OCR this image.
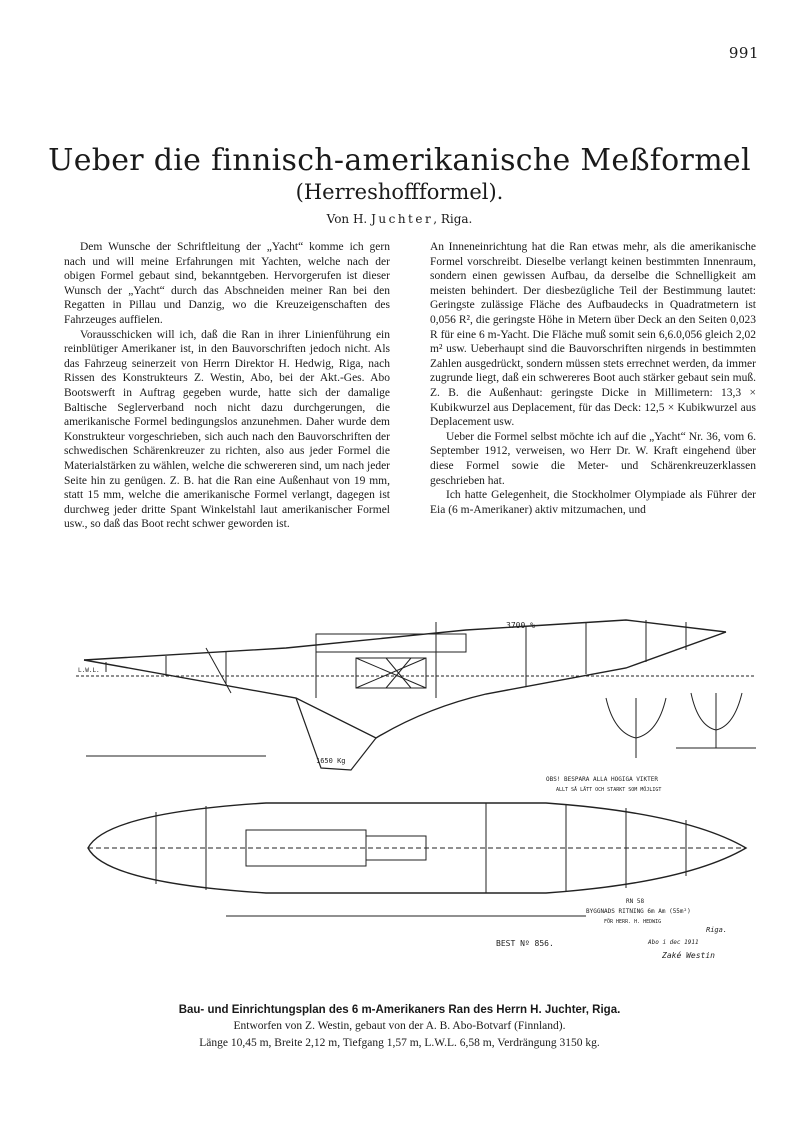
991
Ueber die finnisch-amerikanische Meßformel
(Herreshoffformel).
Von H. Juchter, Riga.

Dem Wunsche der Schriftleitung der „Yacht“ komme ich gern nach und will meine Erfahrungen mit Yachten, welche nach der obigen Formel gebaut sind, bekanntgeben. Hervorgerufen ist dieser Wunsch der „Yacht“ durch das Abschneiden meiner Ran bei den Regatten in Pillau und Danzig, wo die Kreuzeigenschaften des Fahrzeuges auffielen.

Vorausschicken will ich, daß die Ran in ihrer Linienführung ein reinblütiger Amerikaner ist, in den Bauvorschriften jedoch nicht. Als das Fahrzeug seinerzeit von Herrn Direktor H. Hedwig, Riga, nach Rissen des Konstrukteurs Z. Westin, Abo, bei der Akt.-Ges. Abo Bootswerft in Auftrag gegeben wurde, hatte sich der damalige Baltische Seglerverband noch nicht dazu durchgerungen, die amerikanische Formel bedingungslos anzunehmen. Daher wurde dem Konstrukteur vorgeschrieben, sich auch nach den Bauvorschriften der schwedischen Schärenkreuzer zu richten, also aus jeder Formel die Materialstärken zu wählen, welche die schwereren sind, um nach jeder Seite hin zu genügen. Z. B. hat die Ran eine Außenhaut von 19 mm, statt 15 mm, welche die amerikanische Formel verlangt, dagegen ist durchweg jeder dritte Spant Winkelstahl laut amerikanischer Formel usw., so daß das Boot recht schwer geworden ist.

An Inneneinrichtung hat die Ran etwas mehr, als die amerikanische Formel vorschreibt. Dieselbe verlangt keinen bestimmten Innenraum, sondern einen gewissen Aufbau, da derselbe die Schnelligkeit am meisten behindert. Der diesbezügliche Teil der Bestimmung lautet: Geringste zulässige Fläche des Aufbaudecks in Quadratmetern ist 0,056 R², die geringste Höhe in Metern über Deck an den Seiten 0,023 R für eine 6 m-Yacht. Die Fläche muß somit sein 6,6.0,056 gleich 2,02 m² usw. Ueberhaupt sind die Bauvorschriften nirgends in bestimmten Zahlen ausgedrückt, sondern müssen stets errechnet werden, da immer zugrunde liegt, daß ein schwereres Boot auch stärker gebaut sein muß. Z. B. die Außenhaut: geringste Dicke in Millimetern: 13,3 × Kubikwurzel aus Deplacement, für das Deck: 12,5 × Kubikwurzel aus Deplacement usw.

Ueber die Formel selbst möchte ich auf die „Yacht“ Nr. 36, vom 6. September 1912, verweisen, wo Herr Dr. W. Kraft eingehend über diese Formel sowie die Meter- und Schärenkreuzerklassen geschrieben hat.

Ich hatte Gelegenheit, die Stockholmer Olympiade als Führer der Eia (6 m-Amerikaner) aktiv mitzumachen, und

3700 %
L.W.L.
1650 Kg
OBS! BESPARA ALLA HOGIGA VIKTER
ALLT SÅ LÄTT OCH STARKT SOM MÖJLIGT
RN 58
BYGGNADS RITNING 6m Am (55m²)
FÖR HERR. H. HEDWIG
Riga.
BEST Nº 856.	Abo i dec 1911
Zaké Westin
Bau- und Einrichtungsplan des 6 m-Amerikaners Ran des Herrn H. Juchter, Riga.
Entworfen von Z. Westin, gebaut von der A. B. Abo-Botvarf (Finnland).
Länge 10,45 m, Breite 2,12 m, Tiefgang 1,57 m, L.W.L. 6,58 m, Verdrängung 3150 kg.
